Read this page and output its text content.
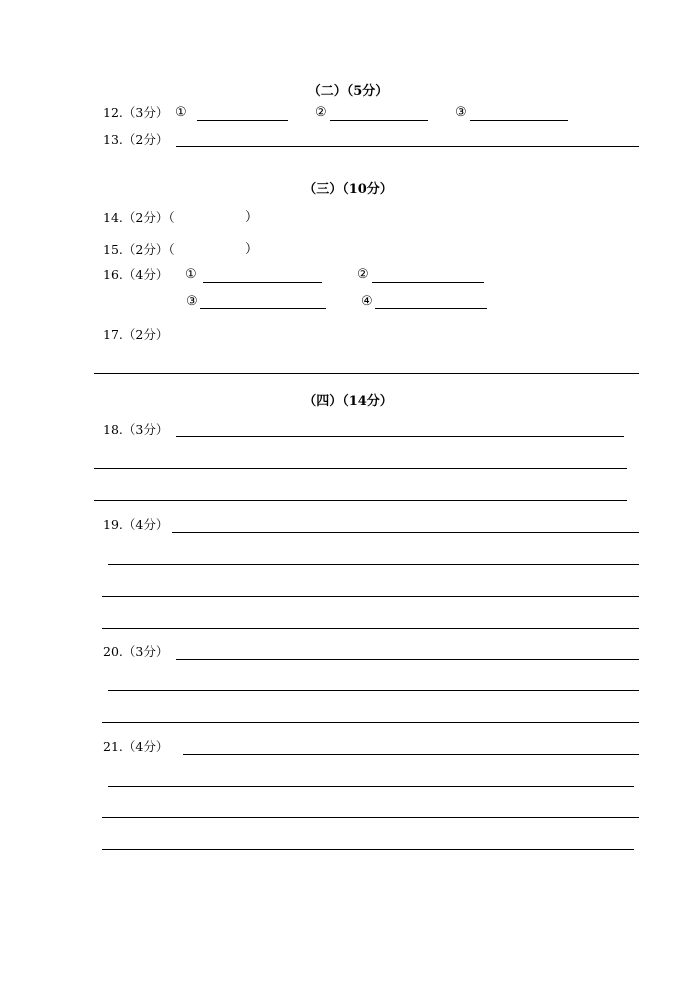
（二）（5分）
12.（3分） ①	②	③
13.（2分）
（三）（10分）
14.（2分）（	）
15.（2分）（	）
16.（4分） ①	②
③	④
17.（2分）
（四）（14分）
18.（3分）
19.（4分）
20.（3分）
21.（4分）
